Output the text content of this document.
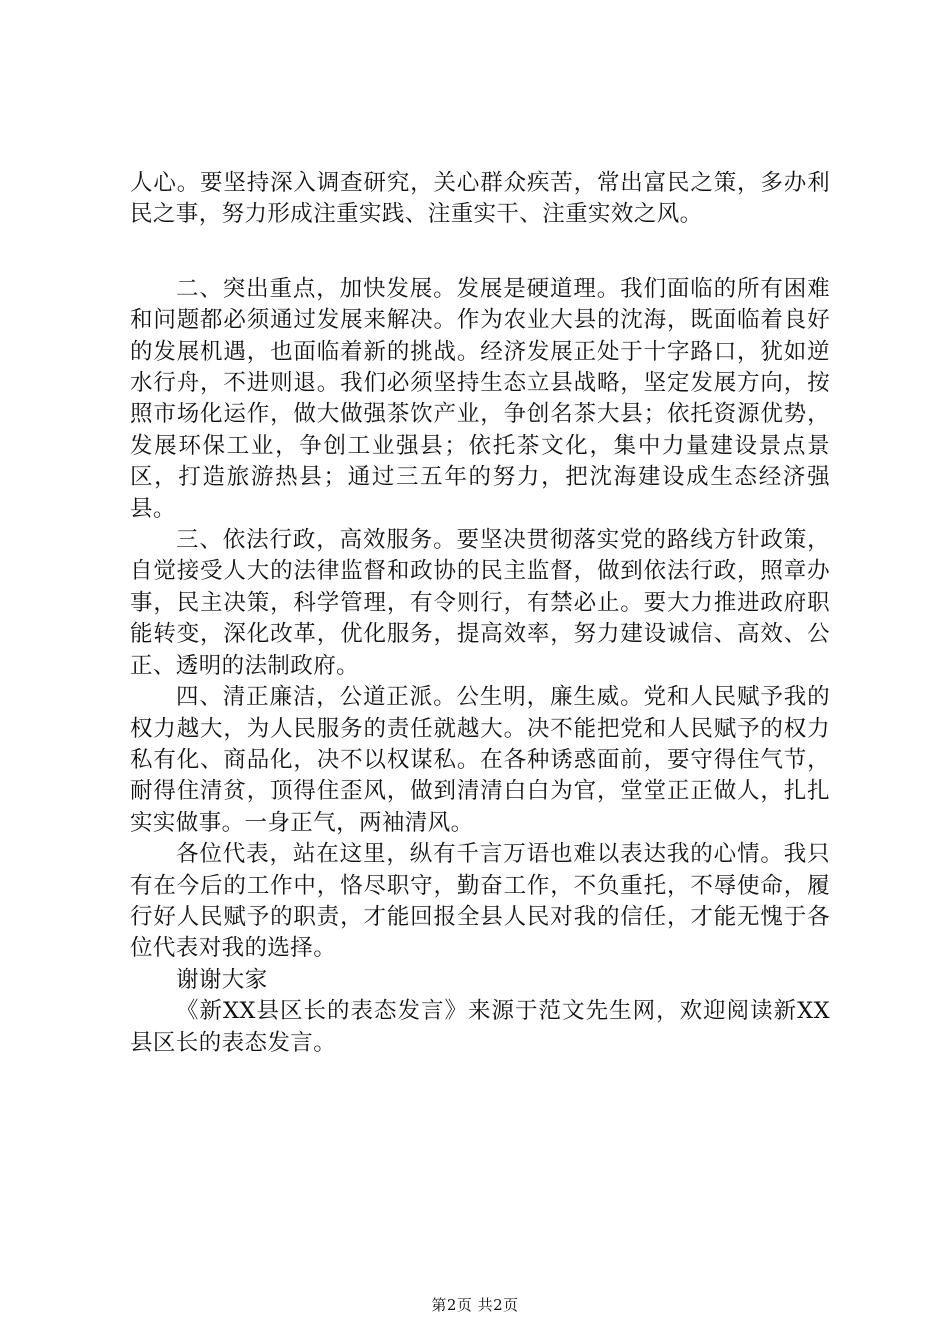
人心。要坚持深入调查研究，关心群众疾苦，常出富民之策，多办利民之事，努力形成注重实践、注重实干、注重实效之风。

二、突出重点，加快发展。发展是硬道理。我们面临的所有困难和问题都必须通过发展来解决。作为农业大县的沈海，既面临着良好的发展机遇，也面临着新的挑战。经济发展正处于十字路口，犹如逆水行舟，不进则退。我们必须坚持生态立县战略，坚定发展方向，按照市场化运作，做大做强茶饮产业，争创名茶大县；依托资源优势，发展环保工业，争创工业强县；依托茶文化，集中力量建设景点景区，打造旅游热县；通过三五年的努力，把沈海建设成生态经济强县。

三、依法行政，高效服务。要坚决贯彻落实党的路线方针政策，自觉接受人大的法律监督和政协的民主监督，做到依法行政，照章办事，民主决策，科学管理，有令则行，有禁必止。要大力推进政府职能转变，深化改革，优化服务，提高效率，努力建设诚信、高效、公正、透明的法制政府。

四、清正廉洁，公道正派。公生明，廉生威。党和人民赋予我的权力越大，为人民服务的责任就越大。决不能把党和人民赋予的权力私有化、商品化，决不以权谋私。在各种诱惑面前，要守得住气节，耐得住清贫，顶得住歪风，做到清清白白为官，堂堂正正做人，扎扎实实做事。一身正气，两袖清风。

各位代表，站在这里，纵有千言万语也难以表达我的心情。我只有在今后的工作中，恪尽职守，勤奋工作，不负重托，不辱使命，履行好人民赋予的职责，才能回报全县人民对我的信任，才能无愧于各位代表对我的选择。

谢谢大家

《新XX县区长的表态发言》来源于范文先生网，欢迎阅读新XX县区长的表态发言。

第2页 共2页
